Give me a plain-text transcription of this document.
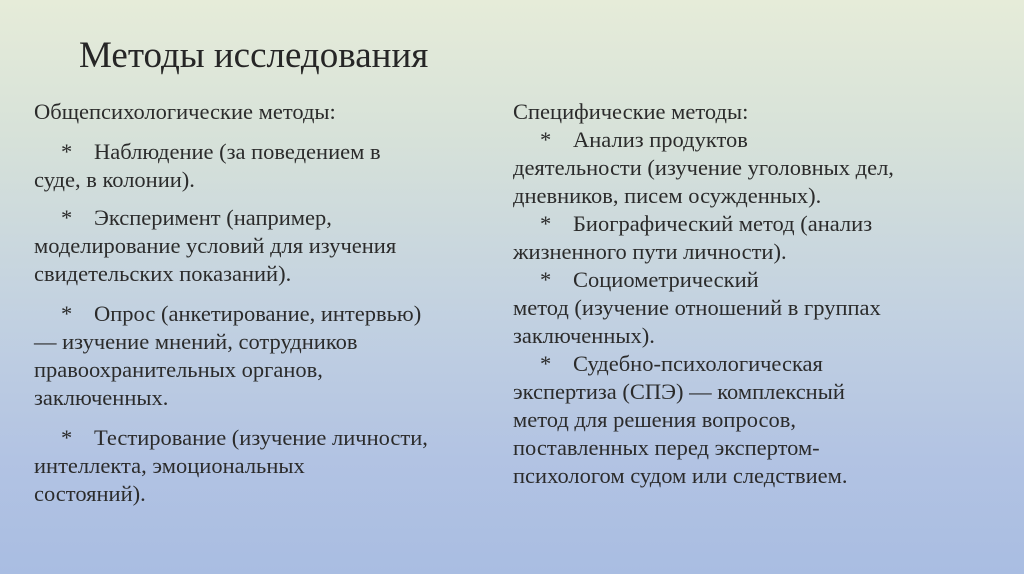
Методы исследования
Общепсихологические методы:
* Наблюдение (за поведением в
суде, в колонии).
* Эксперимент (например,
моделирование условий для изучения
свидетельских показаний).
* Опрос (анкетирование, интервью)
— изучение мнений, сотрудников
правоохранительных органов,
заключенных.
* Тестирование (изучение личности,
интеллекта, эмоциональных
состояний).
Специфические методы:
* Анализ продуктов
деятельности (изучение уголовных дел,
дневников, писем осужденных).
* Биографический метод (анализ
жизненного пути личности).
* Социометрический
метод (изучение отношений в группах
заключенных).
* Судебно-психологическая
экспертиза (СПЭ) — комплексный
метод для решения вопросов,
поставленных перед экспертом-
психологом судом или следствием.
